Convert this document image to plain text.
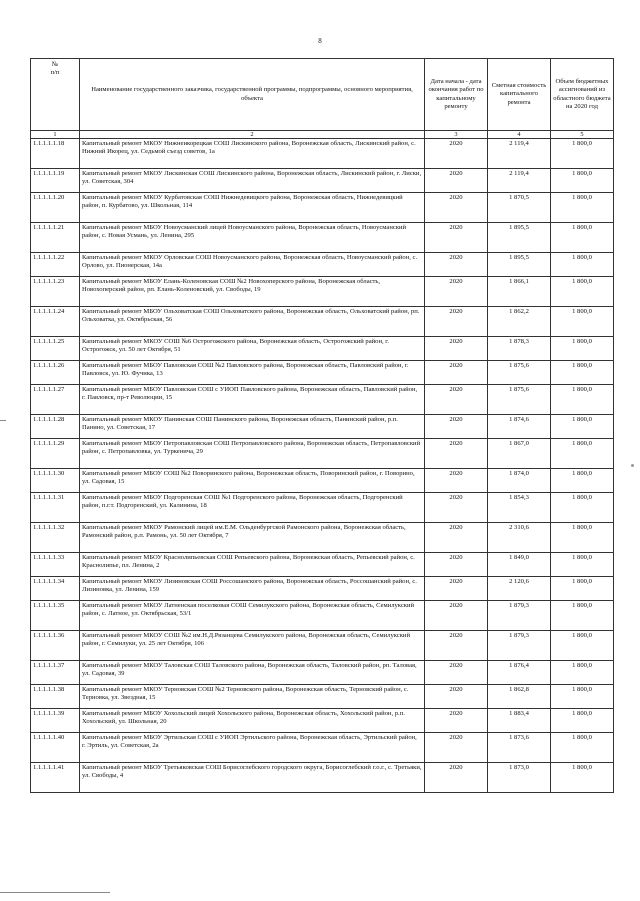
8
№
п/п	Наименование государственного заказчика, государственной программы, подпрограммы, основного мероприятия, объекта	Дата начала - дата окончания работ по капитальному ремонту	Сметная стоимость капитального ремонта	Объем бюджетных ассигнований из областного бюджета на 2020 год
1	2	3	4	5
1.1.1.1.1.18	Капитальный ремонт МКОУ Нижнеикорецкая СОШ Лискинского района, Воронежская область, Лискинский район, с. Нижний Икорец, ул. Седьмой съезд советов, 1а	2020	2 119,4	1 800,0
1.1.1.1.1.19	Капитальный ремонт МКОУ Лискинская СОШ Лискинского района, Воронежская область, Лискинский район, г. Лиски, ул. Советская, 304	2020	2 119,4	1 800,0
1.1.1.1.1.20	Капитальный ремонт МКОУ Курбатовская СОШ Нижнедевицкого района, Воронежская область, Нижнедевицкий район, п. Курбатово, ул. Школьная, 114	2020	1 870,5	1 800,0
1.1.1.1.1.21	Капитальный ремонт МБОУ Новоусманский лицей Новоусманского района, Воронежская область, Новоусманский район, с. Новая Усмань, ул. Ленина, 295	2020	1 895,5	1 800,0
1.1.1.1.1.22	Капитальный ремонт МКОУ Орловская СОШ Новоусманского района, Воронежская область, Новоусманский район, с. Орлово, ул. Пионерская, 14а	2020	1 895,5	1 800,0
1.1.1.1.1.23	Капитальный ремонт МБОУ Елань-Коленовская СОШ №2 Новохоперского района, Воронежская область, Новохоперский район, рп. Елань-Коленовский, ул. Свободы, 19	2020	1 866,1	1 800,0
1.1.1.1.1.24	Капитальный ремонт МБОУ Ольховатская СОШ Ольховатского района, Воронежская область, Ольховатский район, рп. Ольховатка, ул. Октябрьская, 56	2020	1 862,2	1 800,0
1.1.1.1.1.25	Капитальный ремонт МКОУ СОШ №6 Острогожского района, Воронежская область, Острогожский район, г. Острогожск, ул. 50 лет Октября, 51	2020	1 878,3	1 800,0
1.1.1.1.1.26	Капитальный ремонт МБОУ Павловская СОШ №2 Павловского района, Воронежская область, Павловский район, г. Павловск, ул. Ю. Фучика, 13	2020	1 875,6	1 800,0
1.1.1.1.1.27	Капитальный ремонт МБОУ Павловская СОШ с УИОП Павловского района, Воронежская область, Павловский район, г. Павловск, пр-т Революции, 15	2020	1 875,6	1 800,0
1.1.1.1.1.28	Капитальный ремонт МКОУ Панинская СОШ Панинского района, Воронежская область, Панинский район, р.п. Панино, ул. Советская, 17	2020	1 874,6	1 800,0
1.1.1.1.1.29	Капитальный ремонт МБОУ Петропавловская СОШ Петропавловского района, Воронежская область, Петропавловский район, с. Петропавловка, ул. Туркенича, 29	2020	1 867,0	1 800,0
1.1.1.1.1.30	Капитальный ремонт МБОУ СОШ №2 Поворинского района, Воронежская область, Поворинский район, г. Поворино, ул. Садовая, 15	2020	1 874,0	1 800,0
1.1.1.1.1.31	Капитальный ремонт МБОУ Подгоренская СОШ №1 Подгоренского района, Воронежская область, Подгоренский район, п.г.т. Подгоренский, ул. Калинина, 18	2020	1 854,3	1 800,0
1.1.1.1.1.32	Капитальный ремонт МКОУ Рамонский лицей им.Е.М. Ольденбургской Рамонского района, Воронежская область, Рамонский район, р.п. Рамонь, ул. 50 лет Октября, 7	2020	2 310,6	1 800,0
1.1.1.1.1.33	Капитальный ремонт МБОУ Краснолипьевская СОШ Репьевского района, Воронежская область, Репьевский район, с. Краснолипье, пл. Ленина, 2	2020	1 849,0	1 800,0
1.1.1.1.1.34	Капитальный ремонт МКОУ Лизиновская СОШ Россошанского района, Воронежская область, Россошанский район, с. Лизиновка, ул. Ленина, 159	2020	2 120,6	1 800,0
1.1.1.1.1.35	Капитальный ремонт МКОУ Латненская поселковая СОШ Семилукского района, Воронежская область, Семилукский район, с. Латное, ул. Октябрьская, 53/1	2020	1 879,3	1 800,0
1.1.1.1.1.36	Капитальный ремонт МКОУ СОШ №2 им.Н.Д.Рязанцева Семилукского района, Воронежская область, Семилукский район, г. Семилуки, ул. 25 лет Октября, 106	2020	1 879,3	1 800,0
1.1.1.1.1.37	Капитальный ремонт МКОУ Таловская СОШ Таловского района, Воронежская область, Таловский район, рп. Таловая, ул. Садовая, 39	2020	1 876,4	1 800,0
1.1.1.1.1.38	Капитальный ремонт МКОУ Терновская СОШ №2 Терновского района, Воронежская область, Терновский район, с. Терновка, ул. Звездная, 15	2020	1 862,8	1 800,0
1.1.1.1.1.39	Капитальный ремонт МБОУ Хохольский лицей Хохольского района, Воронежская область, Хохольский район, р.п. Хохольский, ул. Школьная, 20	2020	1 883,4	1 800,0
1.1.1.1.1.40	Капитальный ремонт МБОУ Эртильская СОШ с УИОП Эртильского района, Воронежская область, Эртильский район, г. Эртиль, ул. Советская, 2а	2020	1 873,6	1 800,0
1.1.1.1.1.41	Капитальный ремонт МБОУ Третьяковская СОШ Борисоглебского городского округа, Борисоглебский г.о.г., с. Третьяки, ул. Свободы, 4	2020	1 873,0	1 800,0
